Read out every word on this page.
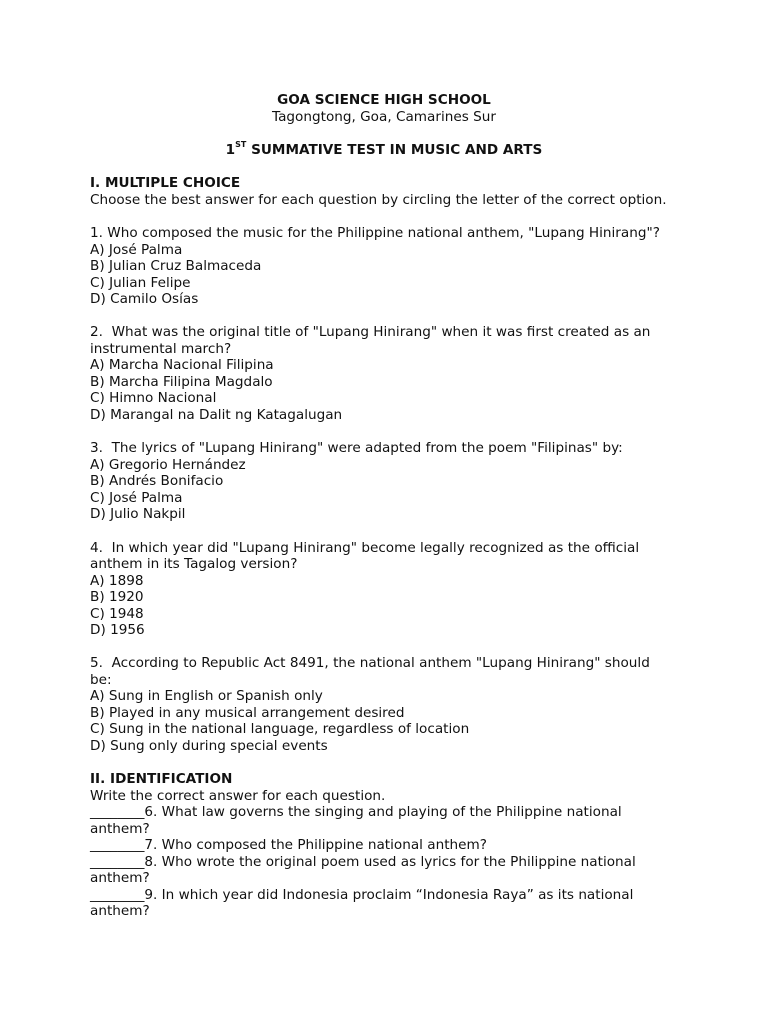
GOA SCIENCE HIGH SCHOOL
Tagongtong, Goa, Camarines Sur
1ST SUMMATIVE TEST IN MUSIC AND ARTS
I. MULTIPLE CHOICE
Choose the best answer for each question by circling the letter of the correct option.
1. Who composed the music for the Philippine national anthem, "Lupang Hinirang"?
A) José Palma
B) Julian Cruz Balmaceda
C) Julian Felipe
D) Camilo Osías
2.  What was the original title of "Lupang Hinirang" when it was first created as an
instrumental march?
A) Marcha Nacional Filipina
B) Marcha Filipina Magdalo
C) Himno Nacional
D) Marangal na Dalit ng Katagalugan
3.  The lyrics of "Lupang Hinirang" were adapted from the poem "Filipinas" by:
A) Gregorio Hernández
B) Andrés Bonifacio
C) José Palma
D) Julio Nakpil
4.  In which year did "Lupang Hinirang" become legally recognized as the official
anthem in its Tagalog version?
A) 1898
B) 1920
C) 1948
D) 1956
5.  According to Republic Act 8491, the national anthem "Lupang Hinirang" should
be:
A) Sung in English or Spanish only
B) Played in any musical arrangement desired
C) Sung in the national language, regardless of location
D) Sung only during special events
II. IDENTIFICATION
Write the correct answer for each question.
________6. What law governs the singing and playing of the Philippine national
anthem?
________7. Who composed the Philippine national anthem?
________8. Who wrote the original poem used as lyrics for the Philippine national
anthem?
________9. In which year did Indonesia proclaim “Indonesia Raya” as its national
anthem?
